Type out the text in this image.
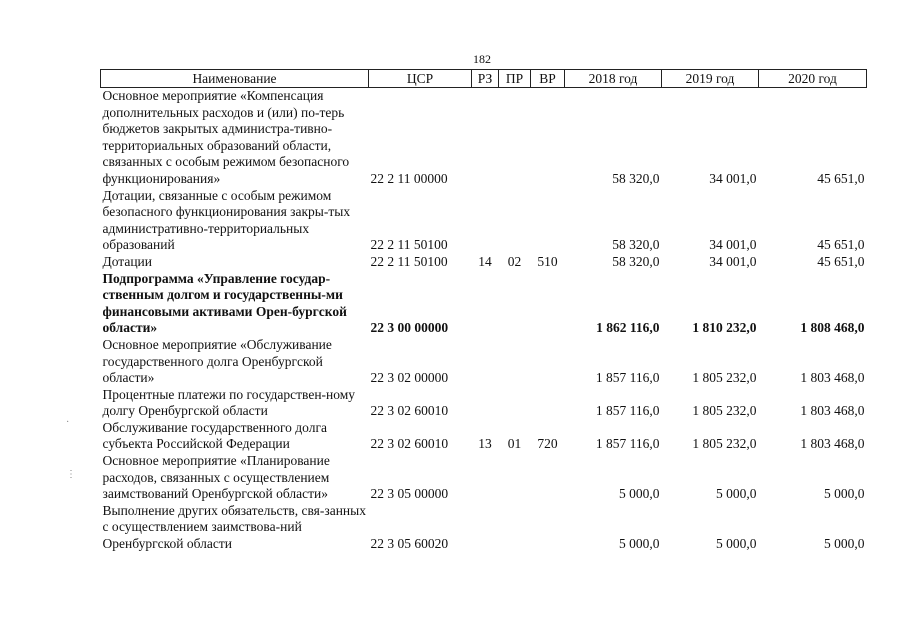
182
Наименование	ЦСР	РЗ	ПР	ВР	2018 год	2019 год	2020 год
Основное мероприятие «Компенсация дополнительных расходов и (или) по-терь бюджетов закрытых администра-тивно-территориальных образований области, связанных с особым режимом безопасного функционирования»	22 2 11 00000				58 320,0	34 001,0	45 651,0
Дотации, связанные с особым режимом безопасного функционирования закры-тых административно-территориальных образований	22 2 11 50100				58 320,0	34 001,0	45 651,0
Дотации	22 2 11 50100	14	02	510	58 320,0	34 001,0	45 651,0
Подпрограмма «Управление государ-ственным долгом и государственны-ми финансовыми активами Орен-бургской области»	22 3 00 00000				1 862 116,0	1 810 232,0	1 808 468,0
Основное мероприятие «Обслуживание государственного долга Оренбургской области»	22 3 02 00000				1 857 116,0	1 805 232,0	1 803 468,0
Процентные платежи по государствен-ному долгу Оренбургской области	22 3 02 60010				1 857 116,0	1 805 232,0	1 803 468,0
Обслуживание государственного долга субъекта Российской Федерации	22 3 02 60010	13	01	720	1 857 116,0	1 805 232,0	1 803 468,0
Основное мероприятие «Планирование расходов, связанных с осуществлением заимствований Оренбургской области»	22 3 05 00000				5 000,0	5 000,0	5 000,0
Выполнение других обязательств, свя-занных с осуществлением заимствова-ний Оренбургской области	22 3 05 60020				5 000,0	5 000,0	5 000,0
·
⋮
